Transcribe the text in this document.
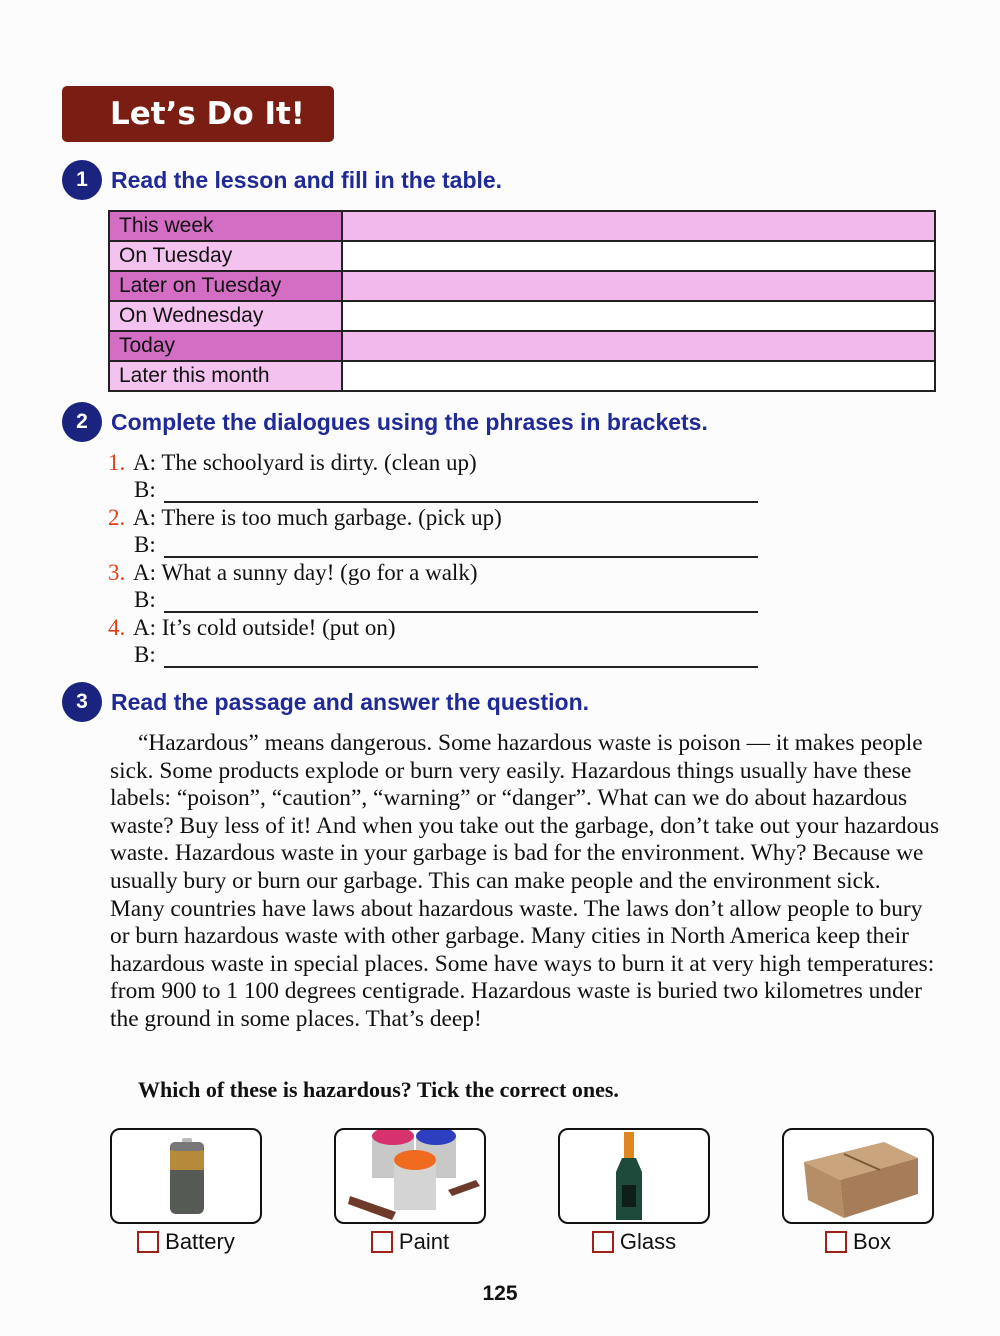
Let’s Do It!
1	Read the lesson and fill in the table.
This week	
On Tuesday	
Later on Tuesday	
On Wednesday	
Today	
Later this month	
2	Complete the dialogues using the phrases in brackets.
1. A: The schoolyard is dirty. (clean up)
B:
2. A: There is too much garbage. (pick up)
B:
3. A: What a sunny day! (go for a walk)
B:
4. A: It’s cold outside! (put on)
B:
3	Read the passage and answer the question.

“Hazardous” means dangerous. Some hazardous waste is poison — it makes people sick. Some products explode or burn very easily. Hazardous things usually have these labels: “poison”, “caution”, “warning” or “danger”. What can we do about hazardous waste? Buy less of it! And when you take out the garbage, don’t take out your hazardous waste. Hazardous waste in your garbage is bad for the environment. Why? Because we usually bury or burn our garbage. This can make people and the environment sick. Many countries have laws about hazardous waste. The laws don’t allow people to bury or burn hazardous waste with other garbage. Many cities in North America keep their hazardous waste in special places. Some have ways to burn it at very high temperatures: from 900 to 1 100 degrees centigrade. Hazardous waste is buried two kilometres under the ground in some places. That’s deep!

Which of these is hazardous? Tick the correct ones.
Battery	Paint	Glass	Box
125
